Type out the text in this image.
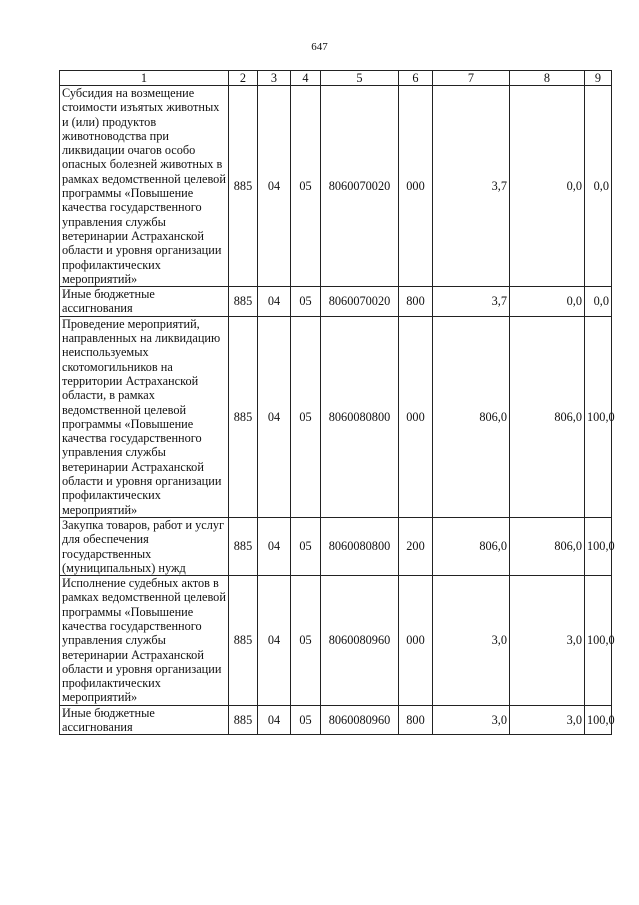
647
1	2	3	4	5	6	7	8	9
Субсидия на возмещение стоимости изъятых животных и (или) продуктов животноводства при ликвидации очагов особо опасных болезней животных в рамках ведомственной целевой программы «Повышение качества государственного управления службы ветеринарии Астраханской области и уровня организации профилактических мероприятий»	885	04	05	8060070020	000	3,7	0,0	0,0
Иные бюджетные ассигнования	885	04	05	8060070020	800	3,7	0,0	0,0
Проведение мероприятий, направленных на ликвидацию неиспользуемых скотомогильников на территории Астраханской области, в рамках ведомственной целевой программы «Повышение качества государственного управления службы ветеринарии Астраханской области и уровня организации профилактических мероприятий»	885	04	05	8060080800	000	806,0	806,0	100,0
Закупка товаров, работ и услуг для обеспечения государственных (муниципальных) нужд	885	04	05	8060080800	200	806,0	806,0	100,0
Исполнение судебных актов в рамках ведомственной целевой программы «Повышение качества государственного управления службы ветеринарии Астраханской области и уровня организации профилактических мероприятий»	885	04	05	8060080960	000	3,0	3,0	100,0
Иные бюджетные ассигнования	885	04	05	8060080960	800	3,0	3,0	100,0
